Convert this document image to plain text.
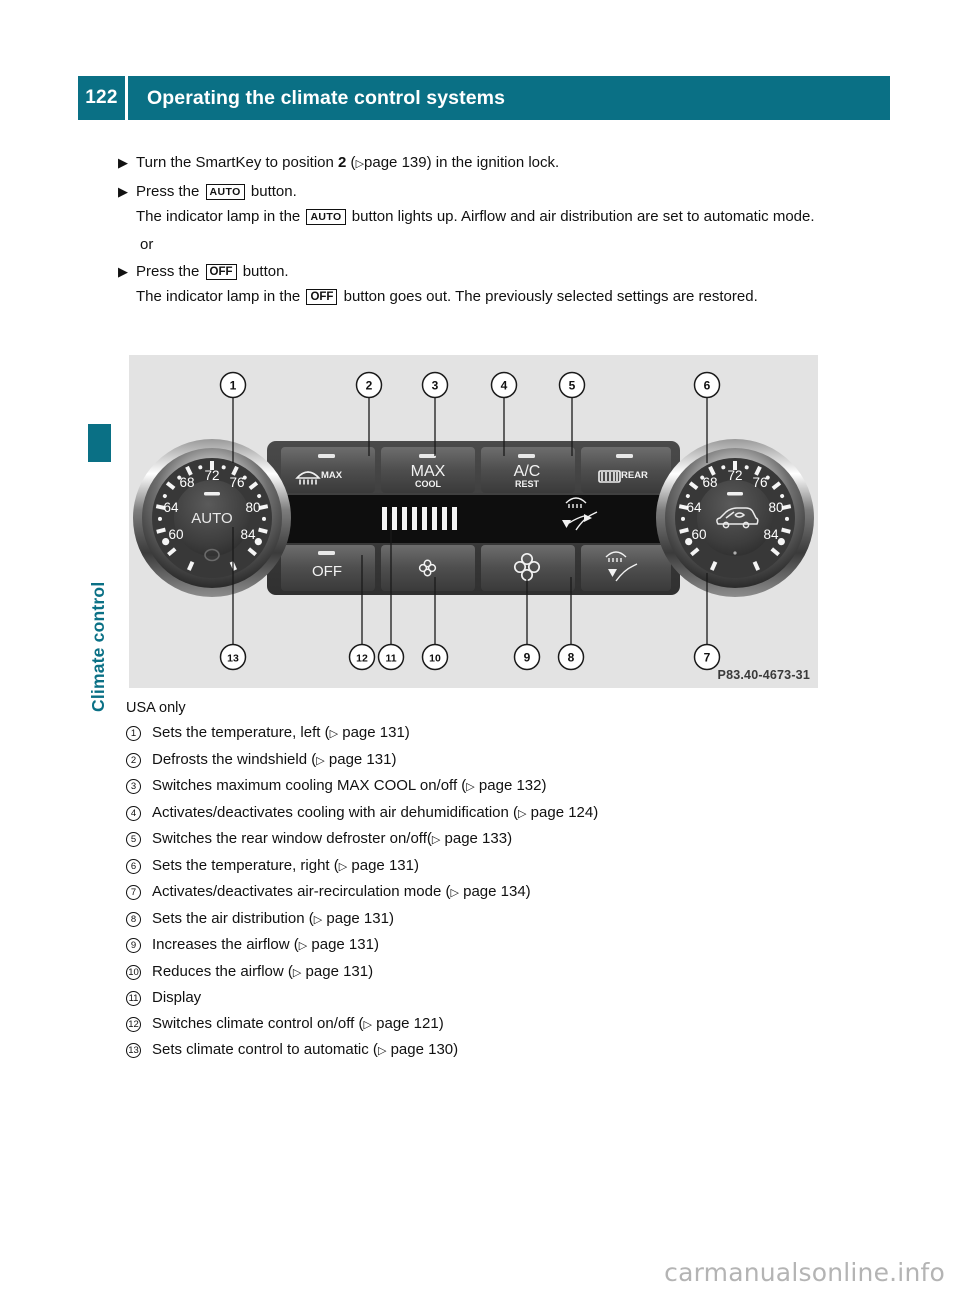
122	Operating the climate control systems
Climate control
▶ Turn the SmartKey to position 2 (▷page 139) in the ignition lock.
▶ Press the AUTO button.

The indicator lamp in the AUTO button lights up. Airflow and air distribution are set to automatic mode.

or
▶ Press the OFF button.

The indicator lamp in the OFF button goes out. The previously selected settings are restored.

MAX	MAX
COOL
A/C
REST
REAR
OFF
72
68	76
64	80
60	84
AUTO
72
68	76
64	80
60	84
1	2	3	4	5	6
7
8
9
10
11
12
13
P83.40-4673-31

USA only

1	Sets the temperature, left (▷ page 131)
2	Defrosts the windshield (▷ page 131)
3	Switches maximum cooling MAX COOL on/off (▷ page 132)
4	Activates/deactivates cooling with air dehumidification (▷ page 124)
5	Switches the rear window defroster on/off(▷ page 133)
6	Sets the temperature, right (▷ page 131)
7	Activates/deactivates air-recirculation mode (▷ page 134)
8	Sets the air distribution (▷ page 131)
9	Increases the airflow (▷ page 131)
10 Reduces the airflow (▷ page 131)
11 Display
12 Switches climate control on/off (▷ page 121)
13 Sets climate control to automatic (▷ page 130)
carmanualsonline.info
